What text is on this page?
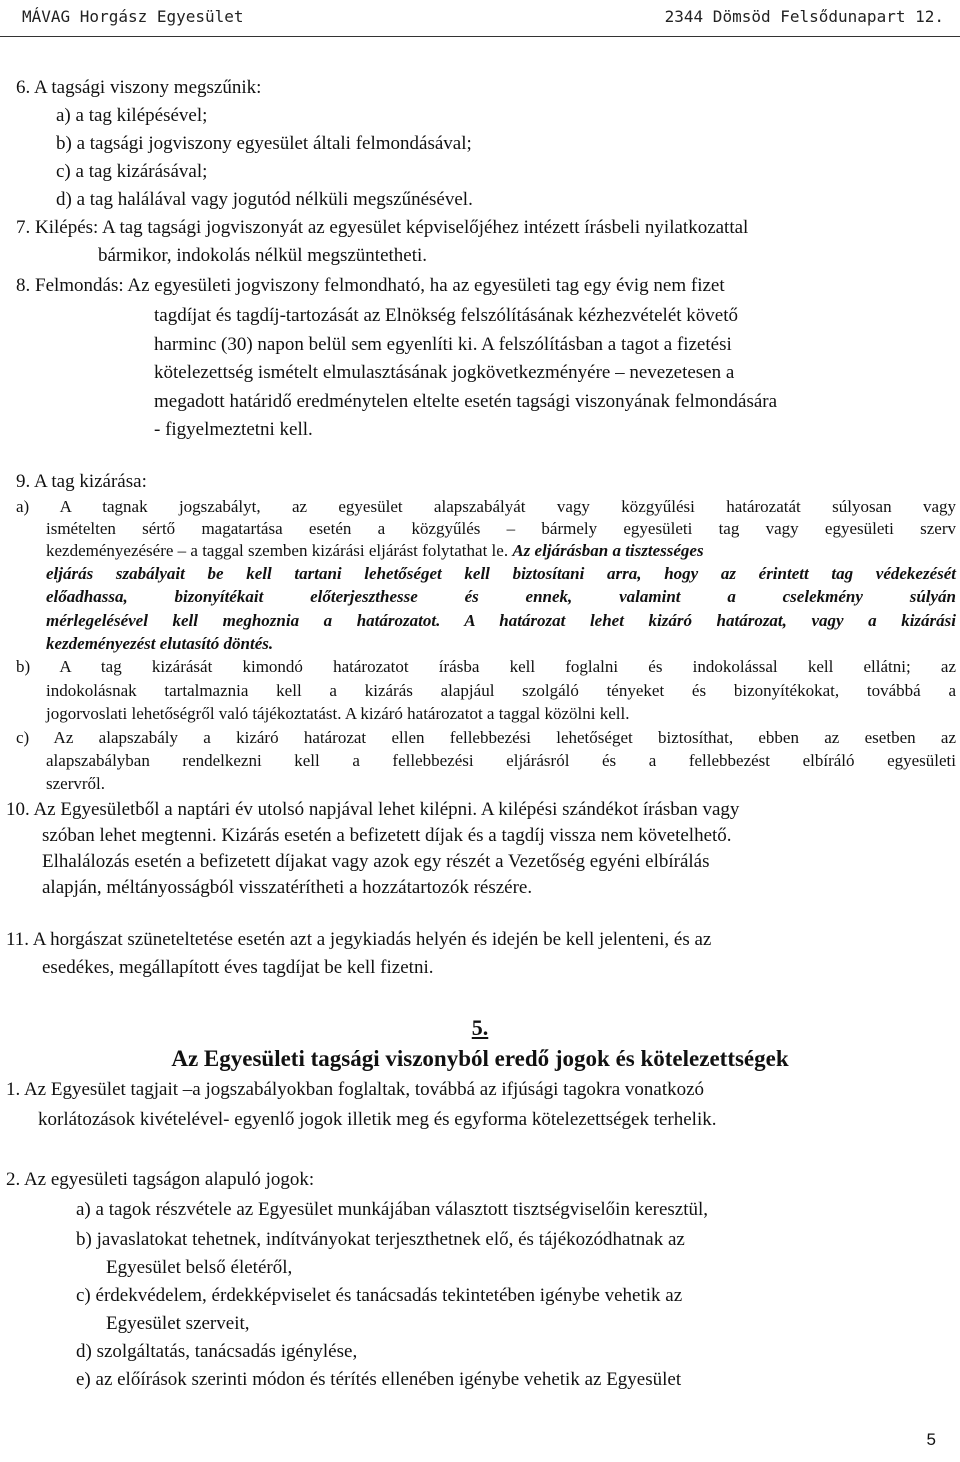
MÁVAG Horgász Egyesület	2344 Dömsöd Felsődunapart 12.
6. A tagsági viszony megszűnik:
a) a tag kilépésével;
b) a tagsági jogviszony egyesület általi felmondásával;
c) a tag kizárásával;
d) a tag halálával vagy jogutód nélküli megszűnésével.
7. Kilépés: A tag tagsági jogviszonyát az egyesület képviselőjéhez intézett írásbeli nyilatkozattal
bármikor, indokolás nélkül megszüntetheti.
8. Felmondás: Az egyesületi jogviszony felmondható, ha az egyesületi tag egy évig nem fizet
tagdíjat és tagdíj-tartozását az Elnökség felszólításának kézhezvételét követő
harminc (30) napon belül sem egyenlíti ki. A felszólításban a tagot a fizetési
kötelezettség ismételt elmulasztásának jogkövetkezményére – nevezetesen a
megadott határidő eredménytelen eltelte esetén tagsági viszonyának felmondására
- figyelmeztetni kell.
9. A tag kizárása:
a) A tagnak jogszabályt, az egyesület alapszabályát vagy közgyűlési határozatát súlyosan vagy
ismételten sértő magatartása esetén a közgyűlés – bármely egyesületi tag vagy egyesületi szerv
kezdeményezésére – a taggal szemben kizárási eljárást folytathat le. Az eljárásban a tisztességes
eljárás szabályait be kell tartani lehetőséget kell biztosítani arra, hogy az érintett tag védekezését
előadhassa, bizonyítékait előterjeszthesse és ennek, valamint a cselekmény súlyán
mérlegelésével kell meghoznia a határozatot. A határozat lehet kizáró határozat, vagy a kizárási
kezdeményezést elutasító döntés.
b) A tag kizárását kimondó határozatot írásba kell foglalni és indokolással kell ellátni; az
indokolásnak tartalmaznia kell a kizárás alapjául szolgáló tényeket és bizonyítékokat, továbbá a
jogorvoslati lehetőségről való tájékoztatást. A kizáró határozatot a taggal közölni kell.
c) Az alapszabály a kizáró határozat ellen fellebbezési lehetőséget biztosíthat, ebben az esetben az
alapszabályban rendelkezni kell a fellebbezési eljárásról és a fellebbezést elbíráló egyesületi
szervről.
10. Az Egyesületből a naptári év utolsó napjával lehet kilépni. A kilépési szándékot írásban vagy
szóban lehet megtenni. Kizárás esetén a befizetett díjak és a tagdíj vissza nem követelhető.
Elhalálozás esetén a befizetett díjakat vagy azok egy részét a Vezetőség egyéni elbírálás
alapján, méltányosságból visszatérítheti a hozzátartozók részére.
11. A horgászat szüneteltetése esetén azt a jegykiadás helyén és idején be kell jelenteni, és az
esedékes, megállapított éves tagdíjat be kell fizetni.
5.
Az Egyesületi tagsági viszonyból eredő jogok és kötelezettségek
1. Az Egyesület tagjait –a jogszabályokban foglaltak, továbbá az ifjúsági tagokra vonatkozó
korlátozások kivételével- egyenlő jogok illetik meg és egyforma kötelezettségek terhelik.
2. Az egyesületi tagságon alapuló jogok:
a) a tagok részvétele az Egyesület munkájában választott tisztségviselőin keresztül,
b) javaslatokat tehetnek, indítványokat terjeszthetnek elő, és tájékozódhatnak az
Egyesület belső életéről,
c) érdekvédelem, érdekképviselet és tanácsadás tekintetében igénybe vehetik az
Egyesület szerveit,
d) szolgáltatás, tanácsadás igénylése,
e) az előírások szerinti módon és térítés ellenében igénybe vehetik az Egyesület
5
